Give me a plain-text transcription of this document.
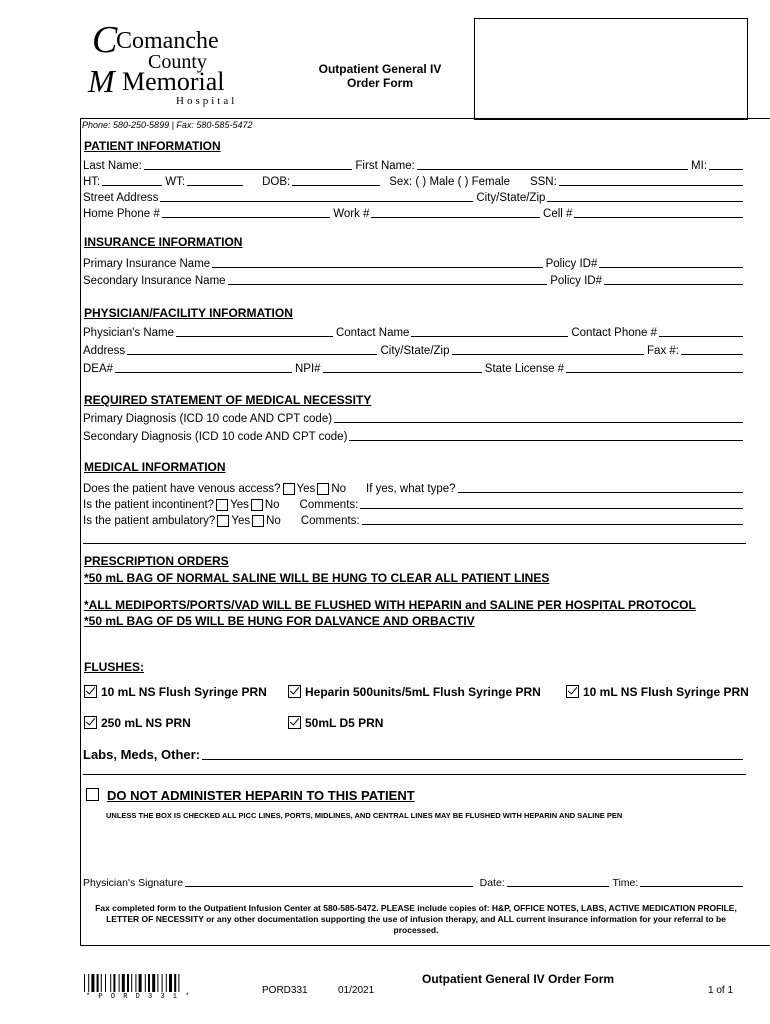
C
Comanche
County
M Memorial
Hospital
Outpatient General IV
Order Form
Phone: 580-250-5899 | Fax: 580-585-5472
PATIENT INFORMATION
Last Name:	First Name:	MI:
HT:	WT:	DOB:	Sex: ( ) Male ( ) Female SSN:
Street Address	City/State/Zip
Home Phone #	Work #	Cell #
INSURANCE INFORMATION
Primary Insurance Name	Policy ID#
Secondary Insurance Name	Policy ID#
PHYSICIAN/FACILITY INFORMATION
Physician's Name	Contact Name	Contact Phone #
Address	City/State/Zip	Fax #:
DEA#	NPI#	State License #
REQUIRED STATEMENT OF MEDICAL NECESSITY
Primary Diagnosis (ICD 10 code AND CPT code)
Secondary Diagnosis (ICD 10 code AND CPT code)
MEDICAL INFORMATION
Does the patient have venous access? Yes No If yes, what type?
Is the patient incontinent? Yes No Comments:
Is the patient ambulatory? Yes No Comments:
PRESCRIPTION ORDERS
*50 mL BAG OF NORMAL SALINE WILL BE HUNG TO CLEAR ALL PATIENT LINES
*ALL MEDIPORTS/PORTS/VAD WILL BE FLUSHED WITH HEPARIN and SALINE PER HOSPITAL PROTOCOL
*50 mL BAG OF D5 WILL BE HUNG FOR DALVANCE AND ORBACTIV
FLUSHES:
10 mL NS Flush Syringe PRN	Heparin 500units/5mL Flush Syringe PRN	10 mL NS Flush Syringe PRN
250 mL NS PRN	50mL D5 PRN
Labs, Meds, Other:
DO NOT ADMINISTER HEPARIN TO THIS PATIENT
UNLESS THE BOX IS CHECKED ALL PICC LINES, PORTS, MIDLINES, AND CENTRAL LINES MAY BE FLUSHED WITH HEPARIN AND SALINE PEN
Physician's Signature	Date:	Time:
Fax completed form to the Outpatient Infusion Center at 580-585-5472. PLEASE include copies of: H&P, OFFICE NOTES, LABS, ACTIVE MEDICATION PROFILE, LETTER OF NECESSITY or any other documentation supporting the use of infusion therapy, and ALL current insurance information for your referral to be processed.
* P O R D 3 3 1 *
PORD331	01/2021
Outpatient General IV Order Form
1 of 1
